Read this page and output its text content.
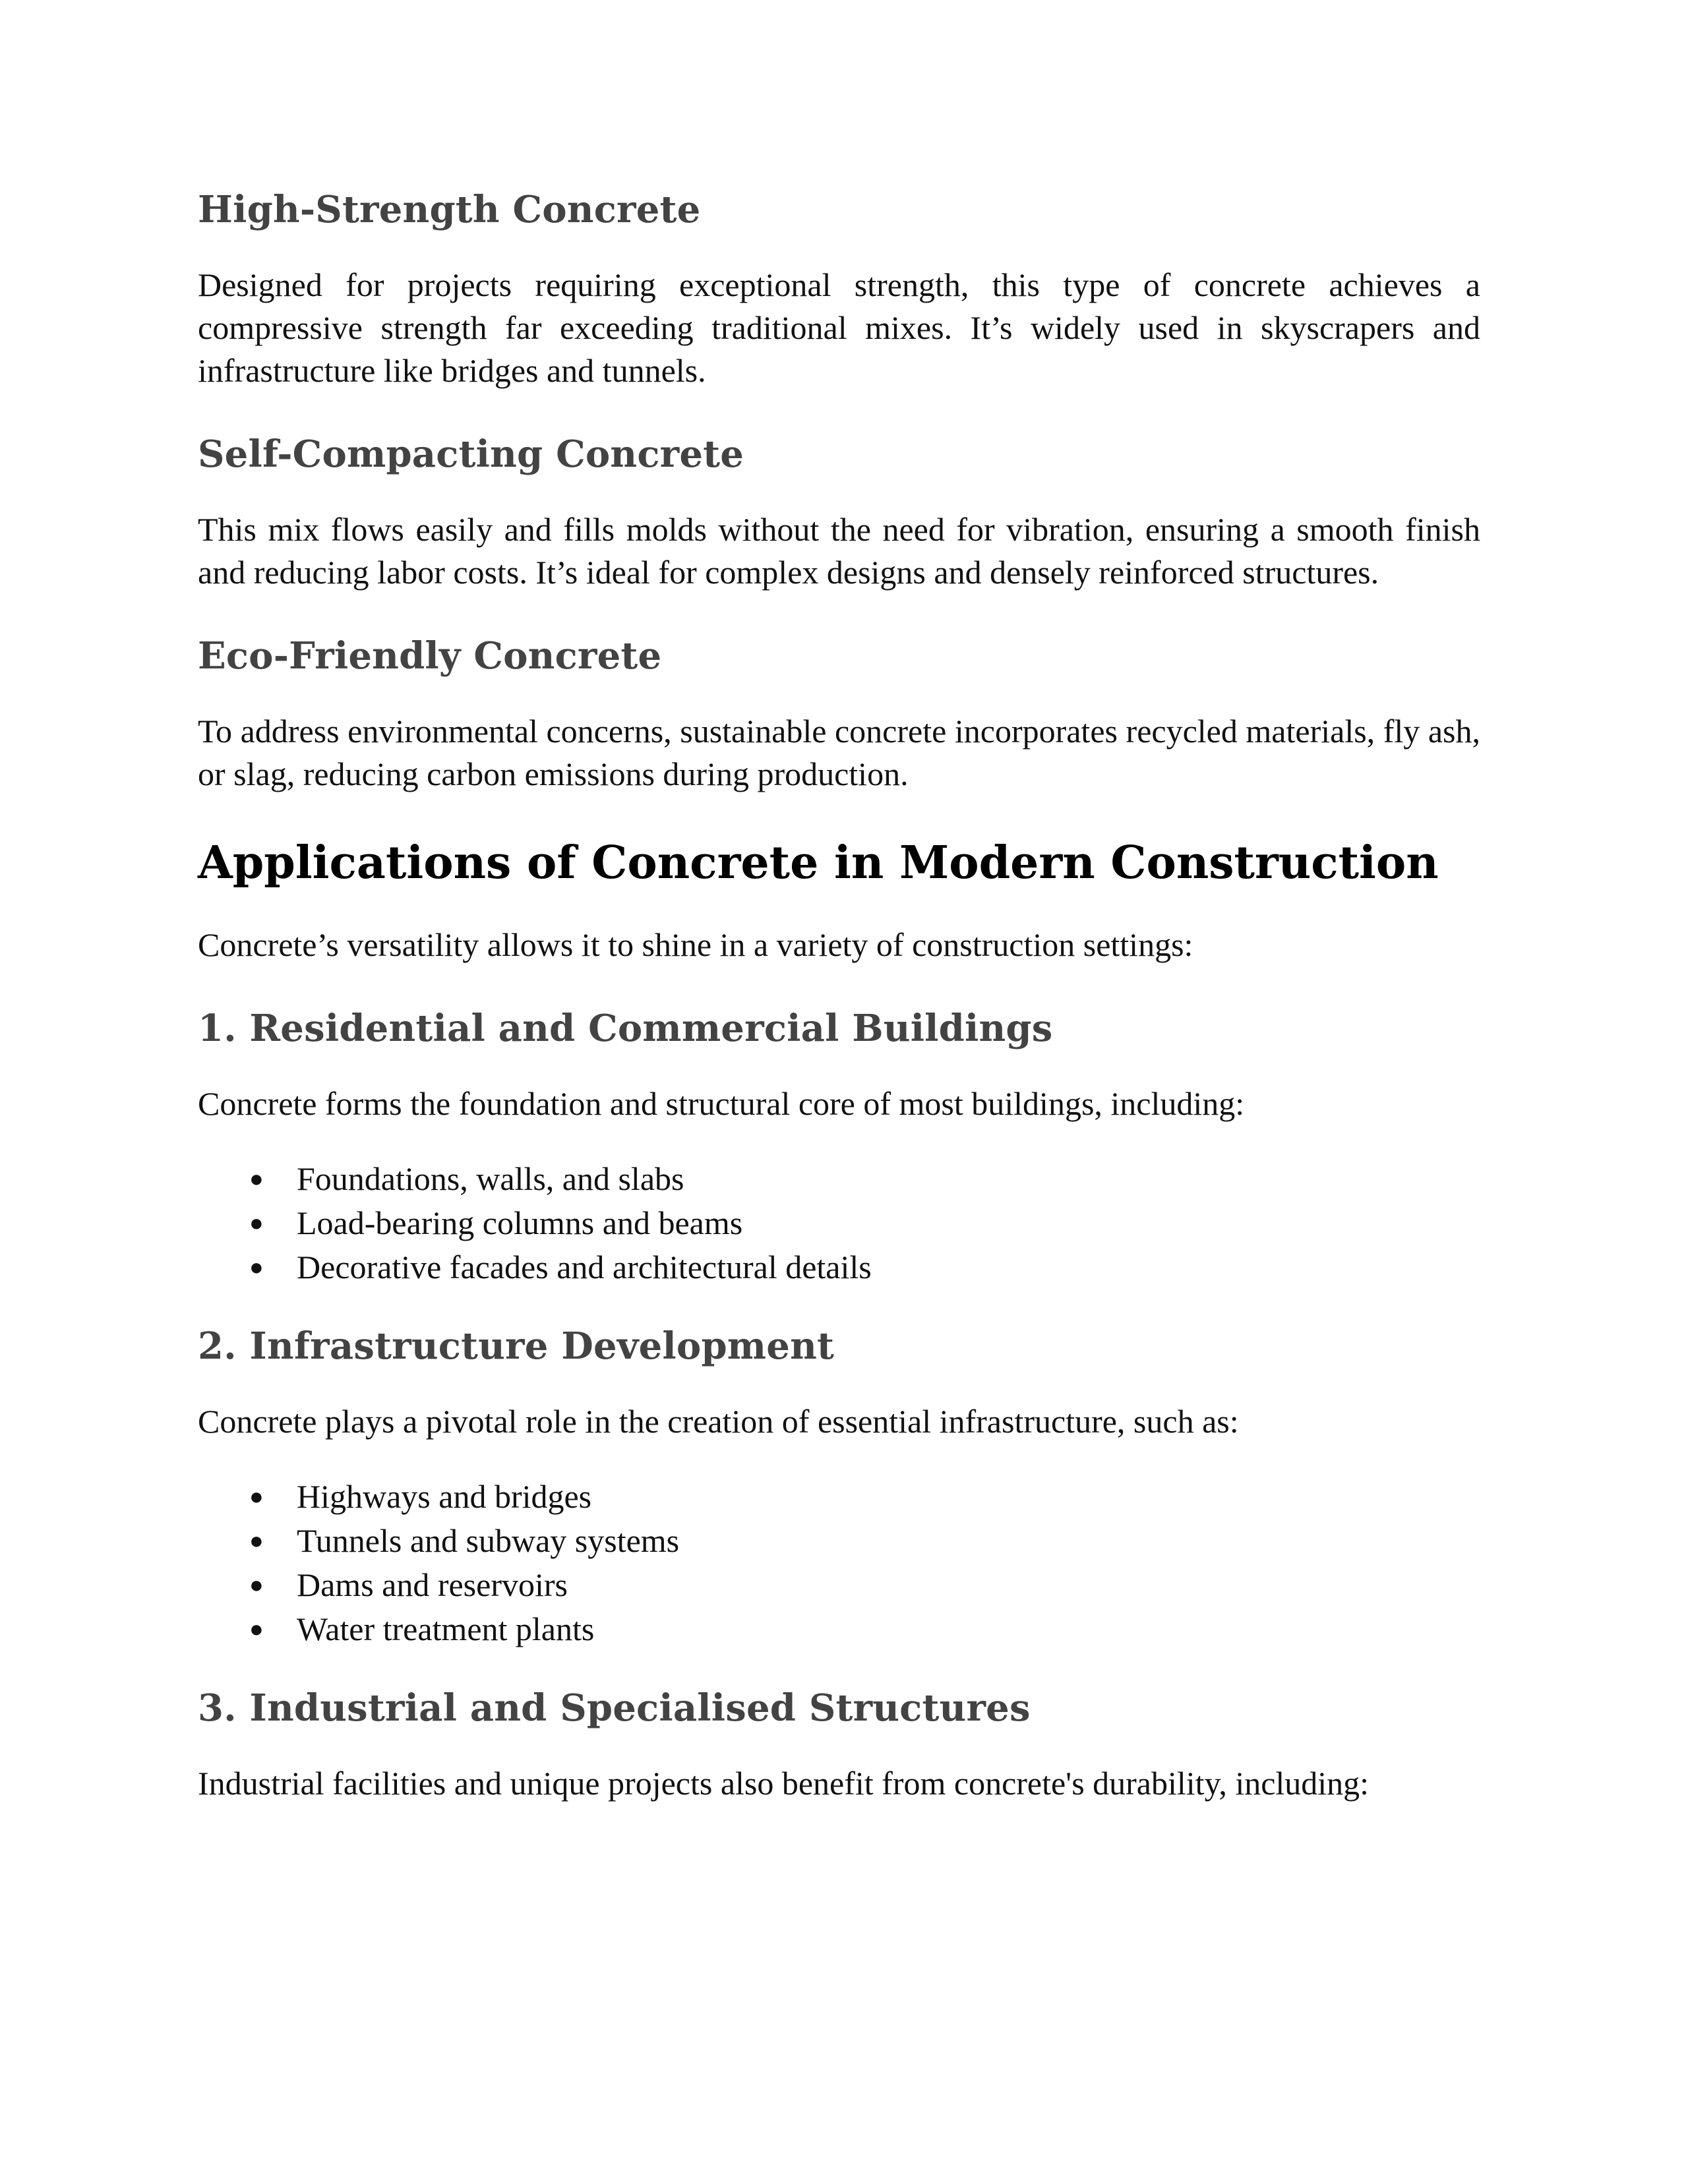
High-Strength Concrete

Designed for projects requiring exceptional strength, this type of concrete achieves a compressive strength far exceeding traditional mixes. It’s widely used in skyscrapers and infrastructure like bridges and tunnels.

Self-Compacting Concrete

This mix flows easily and fills molds without the need for vibration, ensuring a smooth finish and reducing labor costs. It’s ideal for complex designs and densely reinforced structures.

Eco-Friendly Concrete

To address environmental concerns, sustainable concrete incorporates recycled materials, fly ash, or slag, reducing carbon emissions during production.

Applications of Concrete in Modern Construction

Concrete’s versatility allows it to shine in a variety of construction settings:

1. Residential and Commercial Buildings

Concrete forms the foundation and structural core of most buildings, including:

● Foundations, walls, and slabs
● Load-bearing columns and beams
● Decorative facades and architectural details
2. Infrastructure Development

Concrete plays a pivotal role in the creation of essential infrastructure, such as:

● Highways and bridges
● Tunnels and subway systems
● Dams and reservoirs
● Water treatment plants
3. Industrial and Specialised Structures

Industrial facilities and unique projects also benefit from concrete's durability, including:
